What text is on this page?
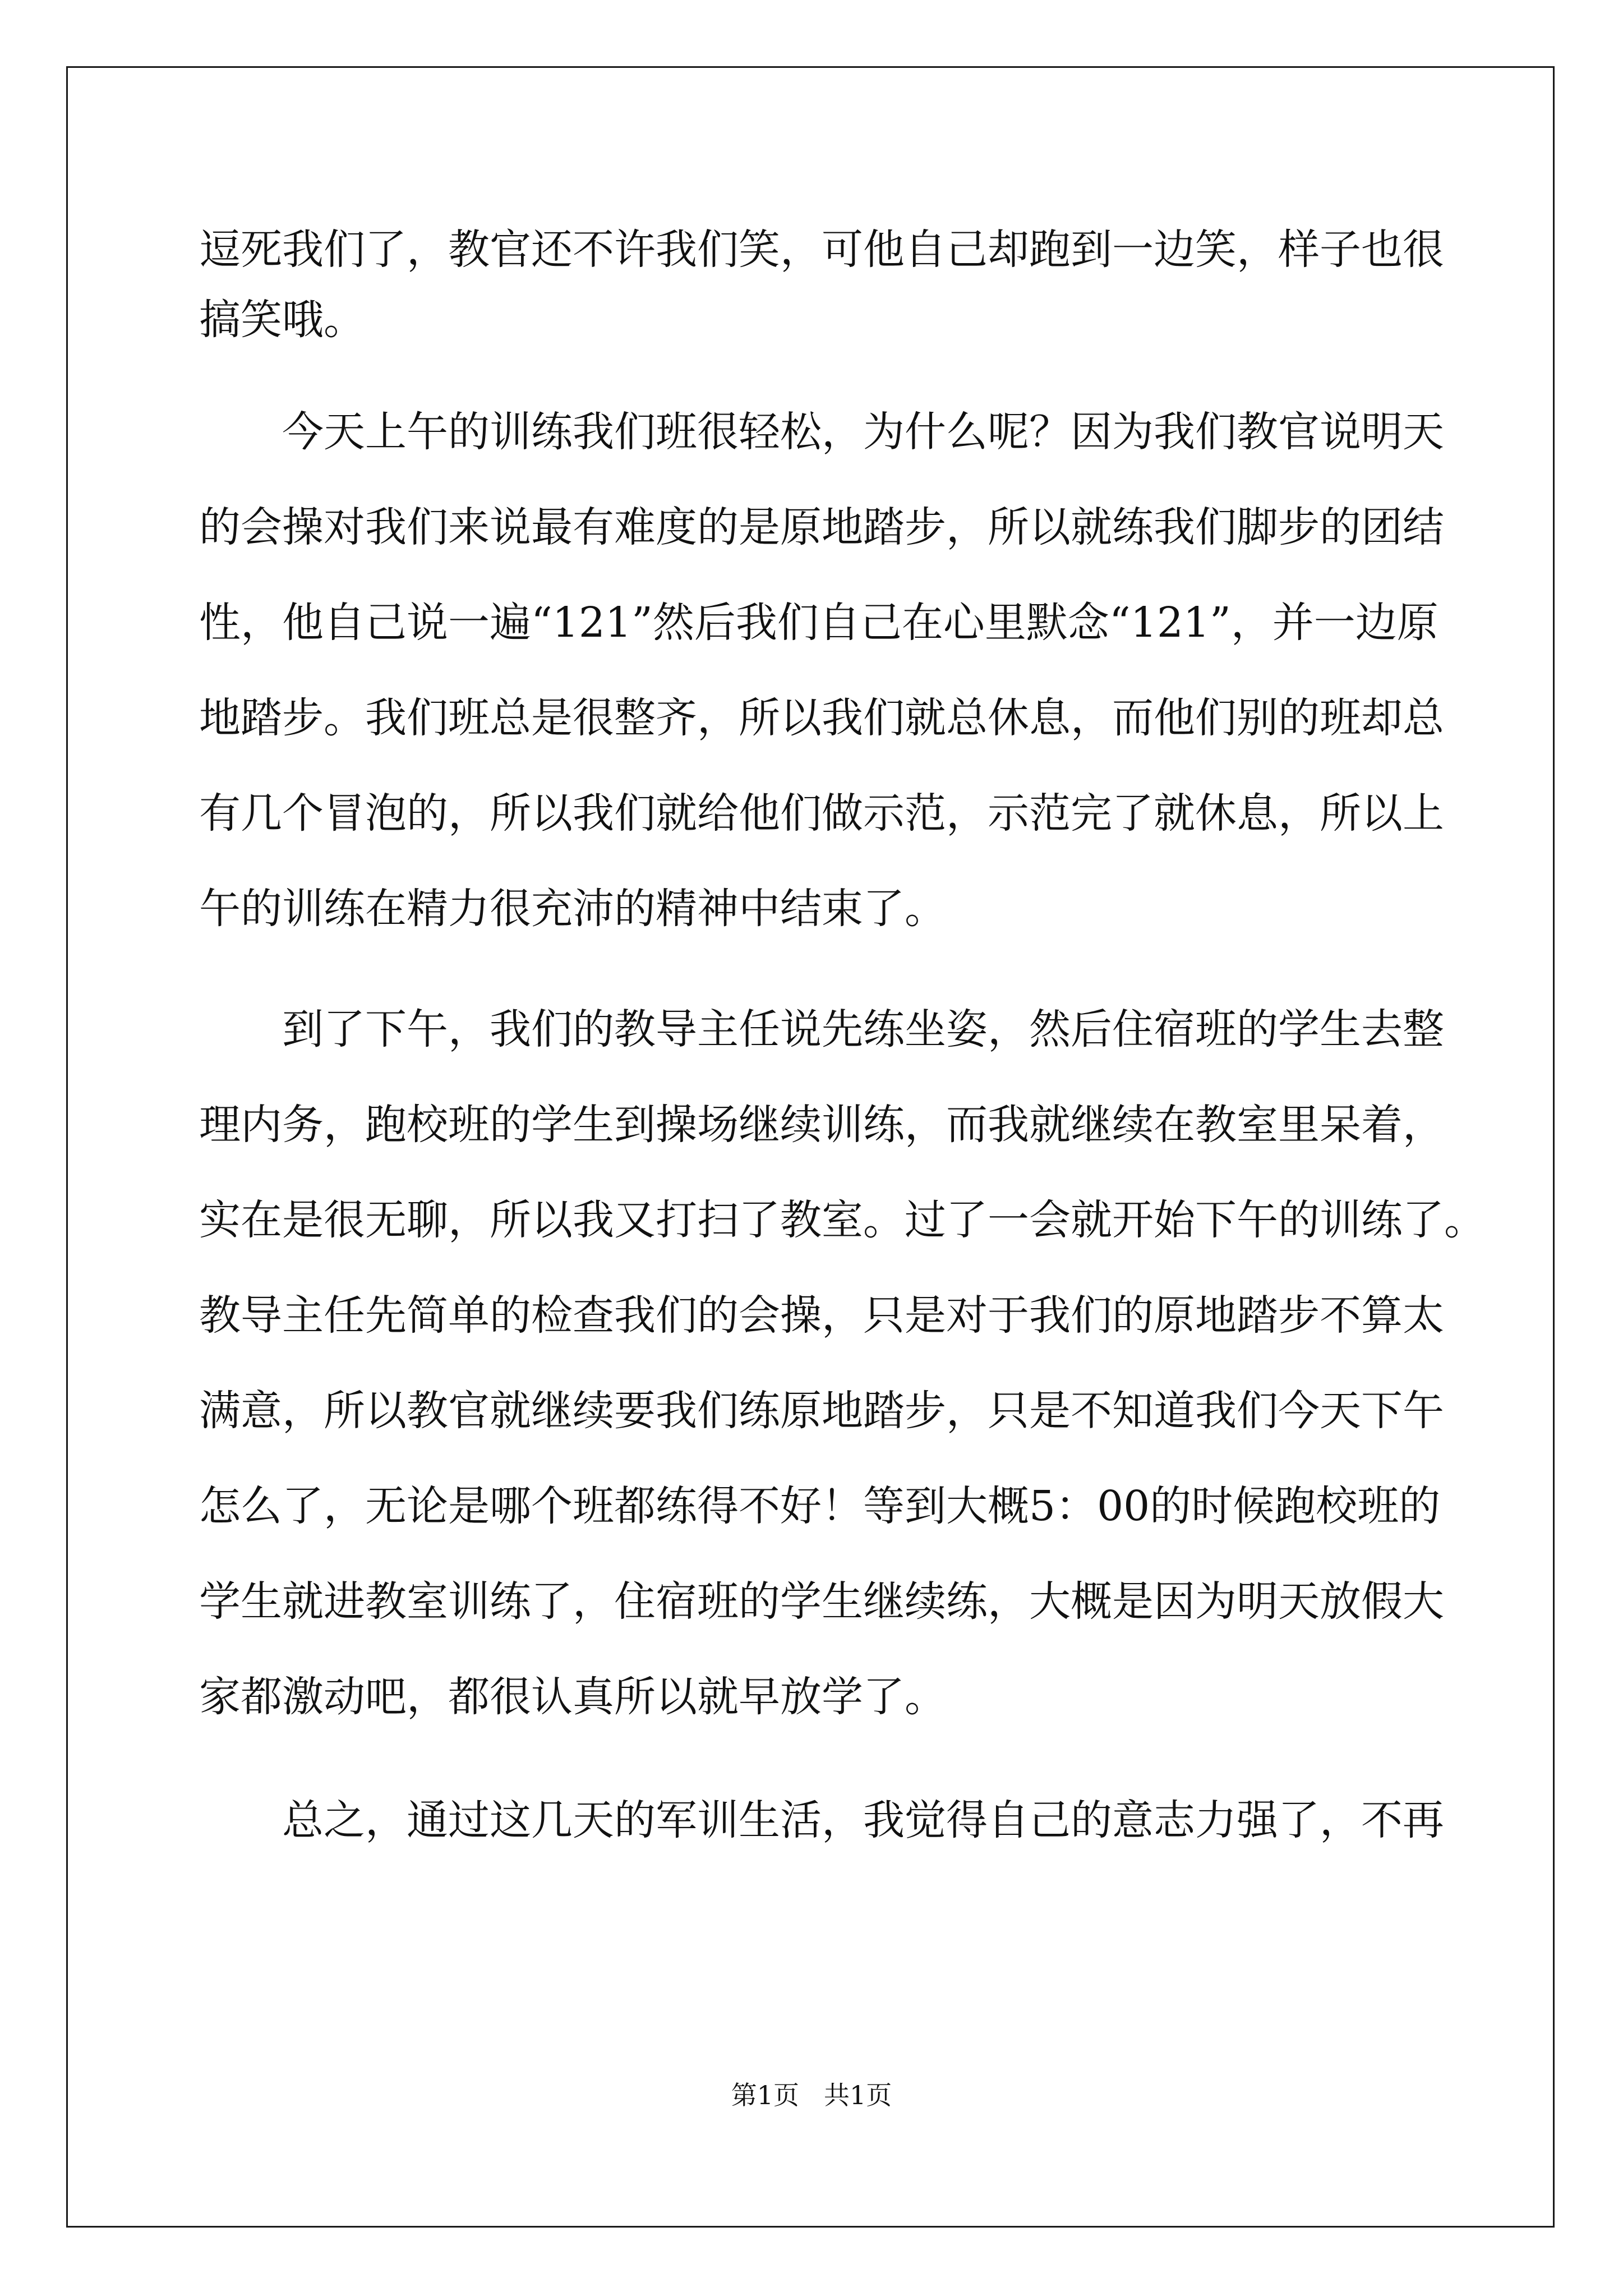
逗死我们了，教官还不许我们笑，可他自己却跑到一边笑，样子也很
搞笑哦。
　　今天上午的训练我们班很轻松，为什么呢？因为我们教官说明天
的会操对我们来说最有难度的是原地踏步，所以就练我们脚步的团结
性，他自己说一遍“121”然后我们自己在心里默念“121”，并一边原
地踏步。我们班总是很整齐，所以我们就总休息，而他们别的班却总
有几个冒泡的，所以我们就给他们做示范，示范完了就休息，所以上
午的训练在精力很充沛的精神中结束了。
　　到了下午，我们的教导主任说先练坐姿，然后住宿班的学生去整
理内务，跑校班的学生到操场继续训练，而我就继续在教室里呆着，
实在是很无聊，所以我又打扫了教室。过了一会就开始下午的训练了。
教导主任先简单的检查我们的会操，只是对于我们的原地踏步不算太
满意，所以教官就继续要我们练原地踏步，只是不知道我们今天下午
怎么了，无论是哪个班都练得不好！等到大概5：00的时候跑校班的
学生就进教室训练了，住宿班的学生继续练，大概是因为明天放假大
家都激动吧，都很认真所以就早放学了。
　　总之，通过这几天的军训生活，我觉得自己的意志力强了，不再
第1页 共1页
